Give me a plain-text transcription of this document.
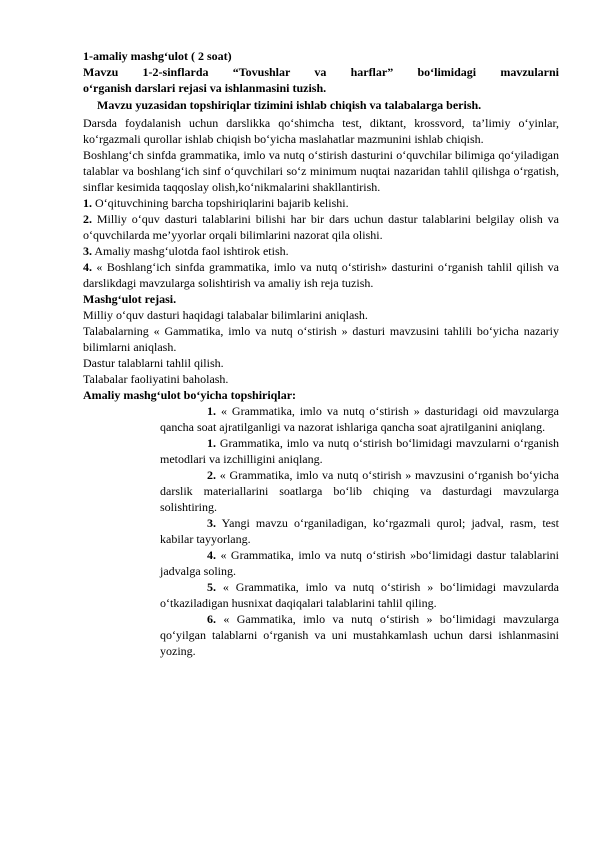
1-amaliy mashg‘ulot ( 2 soat)

Mavzu 1-2-sinflarda “Tovushlar va harflar” bo‘limidagi mavzularni

o‘rganish darslari rejasi va ishlanmasini tuzish.

Mavzu yuzasidan topshiriqlar tizimini ishlab chiqish va talabalarga berish.

Darsda foydalanish uchun darslikka qo‘shimcha test, diktant, krossvord, ta’limiy o‘yinlar, ko‘rgazmali qurollar ishlab chiqish bo‘yicha maslahatlar mazmunini ishlab chiqish.

Boshlang‘ch sinfda grammatika, imlo va nutq o‘stirish dasturini o‘quvchilar bilimiga qo‘yiladigan talablar va boshlang‘ich sinf o‘quvchilari so‘z minimum nuqtai nazaridan tahlil qilishga o‘rgatish, sinflar kesimida taqqoslay olish,ko‘nikmalarini shakllantirish.

1. O‘qituvchining barcha topshiriqlarini bajarib kelishi.

2. Milliy o‘quv dasturi talablarini bilishi har bir dars uchun dastur talablarini belgilay olish va o‘quvchilarda me’yyorlar orqali bilimlarini nazorat qila olishi.

3. Amaliy mashg‘ulotda faol ishtirok etish.

4. « Boshlang‘ich sinfda grammatika, imlo va nutq o‘stirish» dasturini o‘rganish tahlil qilish va darslikdagi mavzularga solishtirish va amaliy ish reja tuzish.

Mashg‘ulot rejasi.

Milliy o‘quv dasturi haqidagi talabalar bilimlarini aniqlash.

Talabalarning « Gammatika, imlo va nutq o‘stirish » dasturi mavzusini tahlili bo‘yicha nazariy bilimlarni aniqlash.

Dastur talablarni tahlil qilish.

Talabalar faoliyatini baholash.

Amaliy mashg‘ulot bo‘yicha topshiriqlar:

1. « Grammatika, imlo va nutq o‘stirish » dasturidagi oid mavzularga qancha soat ajratilganligi va nazorat ishlariga qancha soat ajratilganini aniqlang.

1. Grammatika, imlo va nutq o‘stirish bo‘limidagi mavzularni o‘rganish metodlari va izchilligini aniqlang.

2. « Grammatika, imlo va nutq o‘stirish » mavzusini o‘rganish bo‘yicha darslik materiallarini soatlarga bo‘lib chiqing va dasturdagi mavzularga solishtiring.

3. Yangi mavzu o‘rganiladigan, ko‘rgazmali qurol; jadval, rasm, test kabilar tayyorlang.

4. « Grammatika, imlo va nutq o‘stirish »bo‘limidagi dastur talablarini jadvalga soling.

5. « Grammatika, imlo va nutq o‘stirish » bo‘limidagi mavzularda o‘tkaziladigan husnixat daqiqalari talablarini tahlil qiling.

6. « Gammatika, imlo va nutq o‘stirish » bo‘limidagi mavzularga qo‘yilgan talablarni o‘rganish va uni mustahkamlash uchun darsi ishlanmasini yozing.
